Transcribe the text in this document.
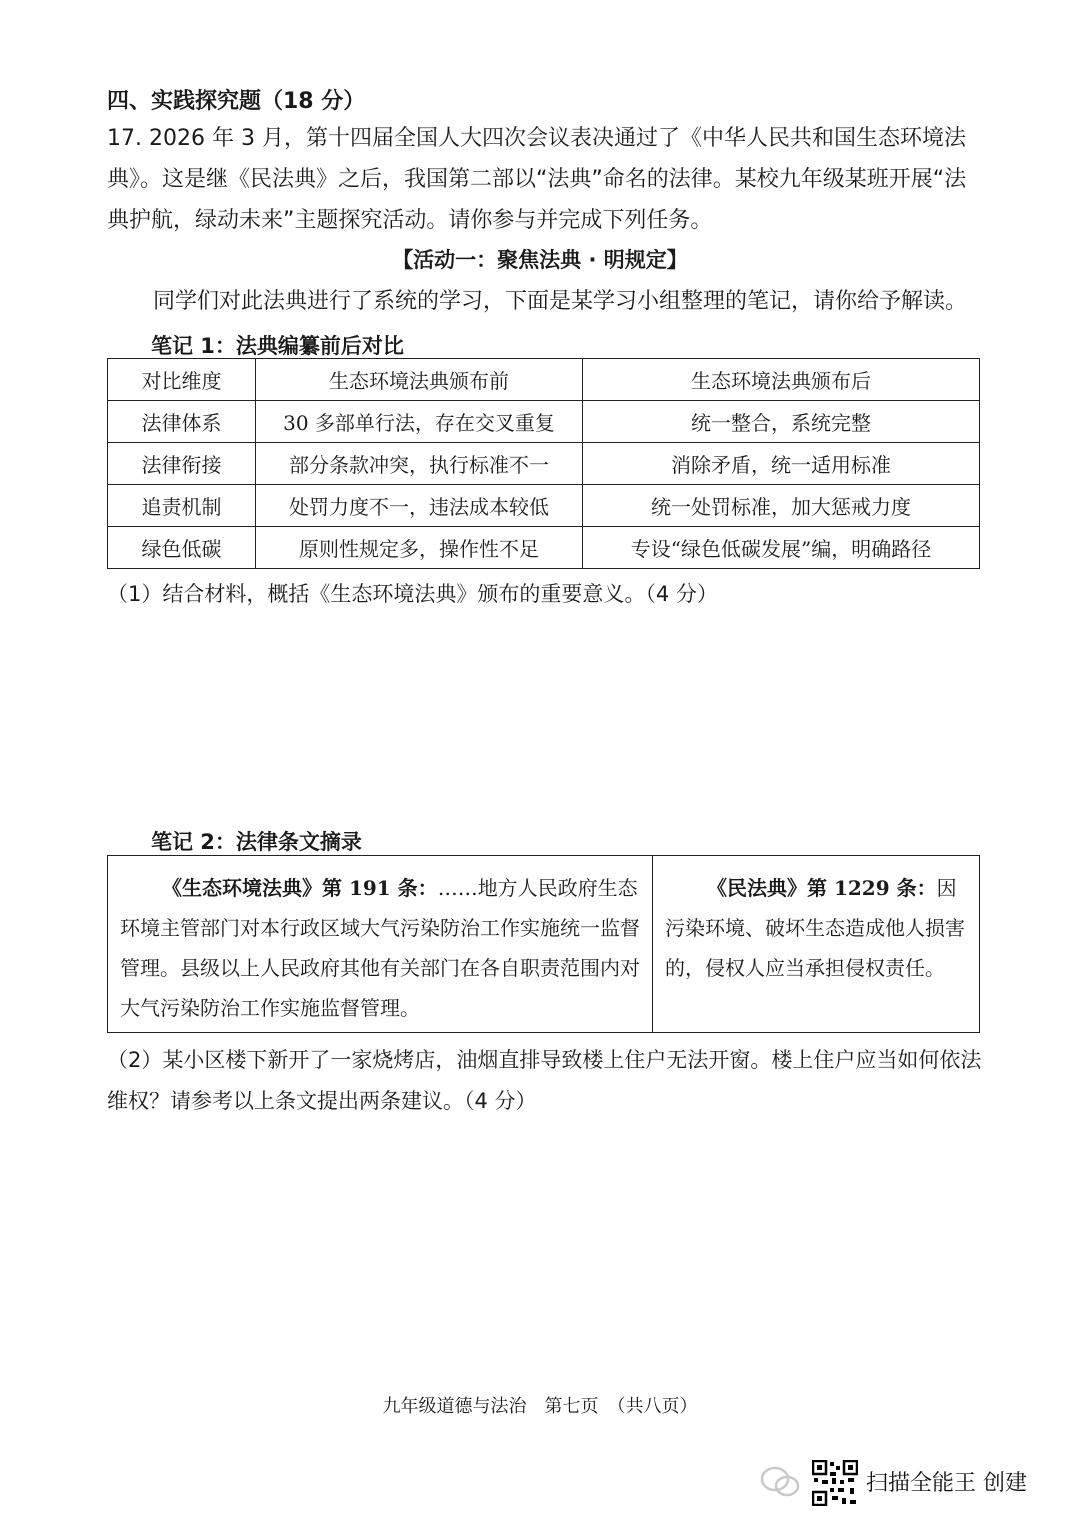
四、实践探究题（18 分）
17. 2026 年 3 月，第十四届全国人大四次会议表决通过了《中华人民共和国生态环境法典》。这是继《民法典》之后，我国第二部以“法典”命名的法律。某校九年级某班开展“法典护航，绿动未来”主题探究活动。请你参与并完成下列任务。
【活动一：聚焦法典 · 明规定】
同学们对此法典进行了系统的学习，下面是某学习小组整理的笔记，请你给予解读。
笔记 1：法典编纂前后对比
对比维度	生态环境法典颁布前	生态环境法典颁布后
法律体系	30 多部单行法，存在交叉重复	统一整合，系统完整
法律衔接	部分条款冲突，执行标准不一	消除矛盾，统一适用标准
追责机制	处罚力度不一，违法成本较低	统一处罚标准，加大惩戒力度
绿色低碳	原则性规定多，操作性不足	专设“绿色低碳发展”编，明确路径
（1）结合材料，概括《生态环境法典》颁布的重要意义。（4 分）
笔记 2：法律条文摘录
《生态环境法典》第 191 条：……地方人民政府生态环境主管部门对本行政区域大气污染防治工作实施统一监督管理。县级以上人民政府其他有关部门在各自职责范围内对大气污染防治工作实施监督管理。
《民法典》第 1229 条：因污染环境、破坏生态造成他人损害的，侵权人应当承担侵权责任。
（2）某小区楼下新开了一家烧烤店，油烟直排导致楼上住户无法开窗。楼上住户应当如何依法维权？请参考以上条文提出两条建议。（4 分）
九年级道德与法治　第七页　（共八页）
扫描全能王 创建
